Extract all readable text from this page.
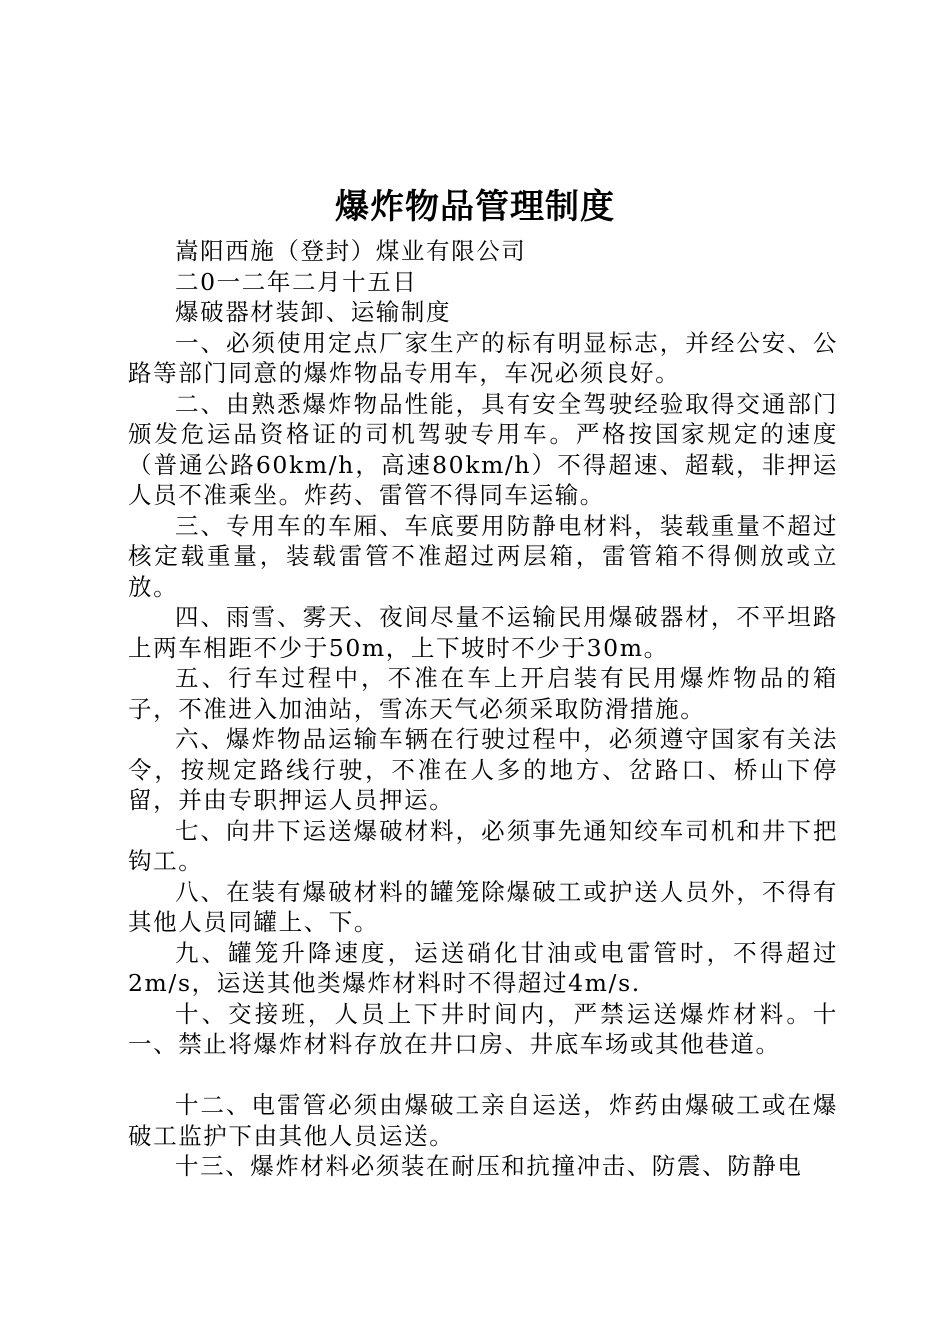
爆炸物品管理制度

嵩阳西施（登封）煤业有限公司

二0一二年二月十五日

爆破器材装卸、运输制度

一、必须使用定点厂家生产的标有明显标志，并经公安、公路等部门同意的爆炸物品专用车，车况必须良好。

二、由熟悉爆炸物品性能，具有安全驾驶经验取得交通部门颁发危运品资格证的司机驾驶专用车。严格按国家规定的速度（普通公路60km/h，高速80km/h）不得超速、超载，非押运人员不准乘坐。炸药、雷管不得同车运输。

三、专用车的车厢、车底要用防静电材料，装载重量不超过核定载重量，装载雷管不准超过两层箱，雷管箱不得侧放或立放。

四、雨雪、雾天、夜间尽量不运输民用爆破器材，不平坦路上两车相距不少于50m，上下坡时不少于30m。

五、行车过程中，不准在车上开启装有民用爆炸物品的箱子，不准进入加油站，雪冻天气必须采取防滑措施。

六、爆炸物品运输车辆在行驶过程中，必须遵守国家有关法令，按规定路线行驶，不准在人多的地方、岔路口、桥山下停留，并由专职押运人员押运。

七、向井下运送爆破材料，必须事先通知绞车司机和井下把钩工。

八、在装有爆破材料的罐笼除爆破工或护送人员外，不得有其他人员同罐上、下。

九、罐笼升降速度，运送硝化甘油或电雷管时，不得超过2m/s，运送其他类爆炸材料时不得超过4m/s.

十、交接班，人员上下井时间内，严禁运送爆炸材料。十一、禁止将爆炸材料存放在井口房、井底车场或其他巷道。

十二、电雷管必须由爆破工亲自运送，炸药由爆破工或在爆破工监护下由其他人员运送。

十三、爆炸材料必须装在耐压和抗撞冲击、防震、防静电
